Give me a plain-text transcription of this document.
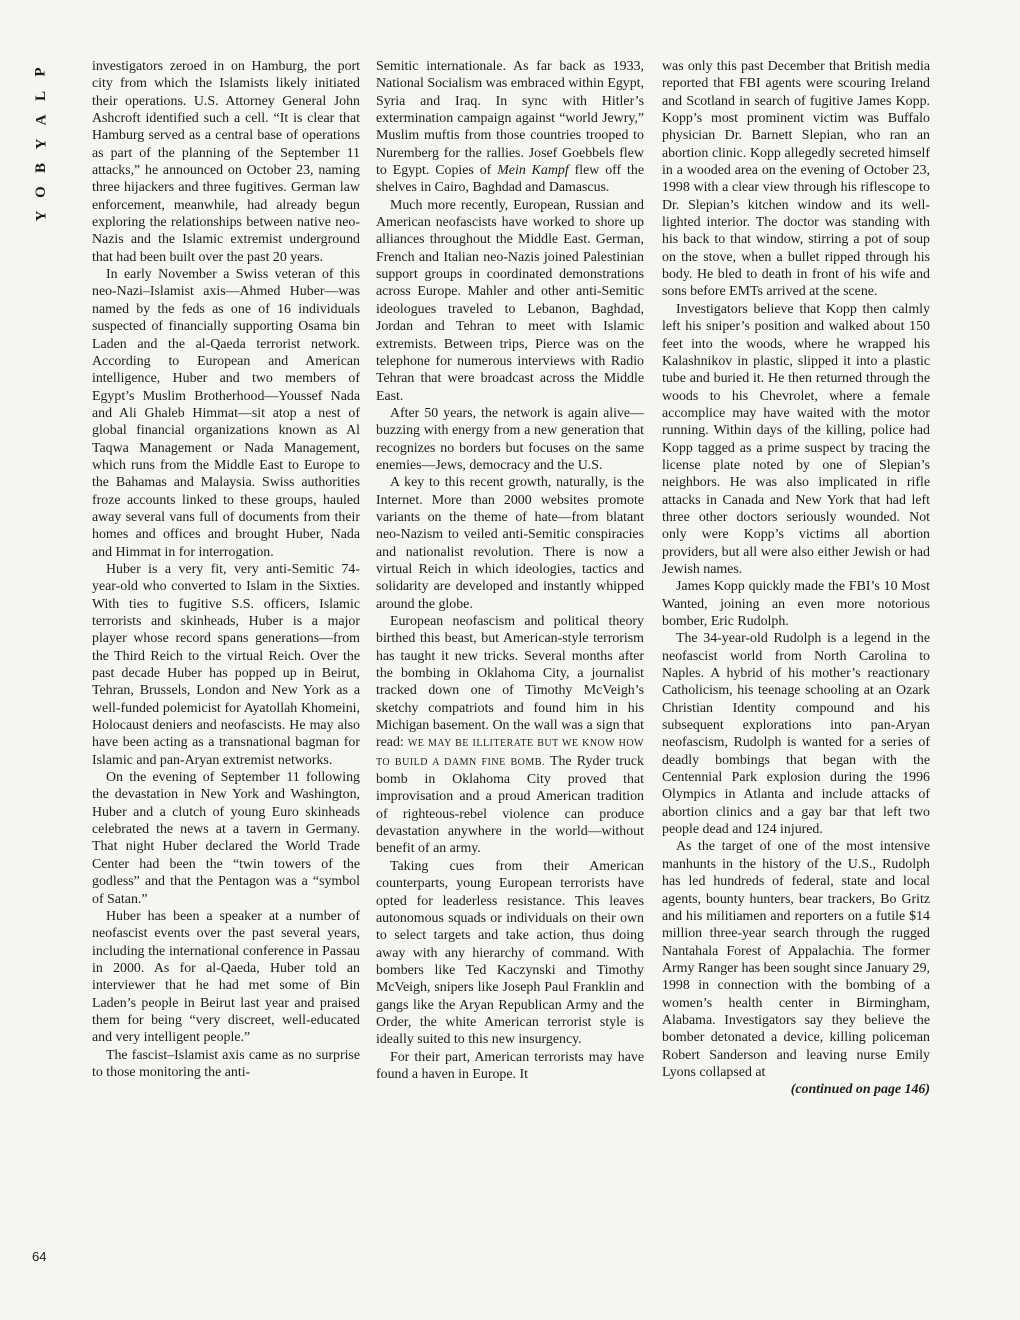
P
L
A
Y
B
O
Y

investigators zeroed in on Hamburg, the port city from which the Islamists likely initiated their operations. U.S. Attorney General John Ashcroft identified such a cell. “It is clear that Hamburg served as a central base of operations as part of the planning of the September 11 attacks,” he announced on October 23, naming three hijackers and three fugitives. German law enforcement, meanwhile, had already begun exploring the relationships between native neo-Nazis and the Islamic extremist underground that had been built over the past 20 years.

In early November a Swiss veteran of this neo-Nazi–Islamist axis—Ahmed Huber—was named by the feds as one of 16 individuals suspected of financially supporting Osama bin Laden and the al-Qaeda terrorist network. According to European and American intelligence, Huber and two members of Egypt’s Muslim Brotherhood—Youssef Nada and Ali Ghaleb Himmat—sit atop a nest of global financial organizations known as Al Taqwa Management or Nada Management, which runs from the Middle East to Europe to the Bahamas and Malaysia. Swiss authorities froze accounts linked to these groups, hauled away several vans full of documents from their homes and offices and brought Huber, Nada and Himmat in for interrogation.

Huber is a very fit, very anti-Semitic 74-year-old who converted to Islam in the Sixties. With ties to fugitive S.S. officers, Islamic terrorists and skinheads, Huber is a major player whose record spans generations—from the Third Reich to the virtual Reich. Over the past decade Huber has popped up in Beirut, Tehran, Brussels, London and New York as a well-funded polemicist for Ayatollah Khomeini, Holocaust deniers and neofascists. He may also have been acting as a transnational bagman for Islamic and pan-Aryan extremist networks.

On the evening of September 11 following the devastation in New York and Washington, Huber and a clutch of young Euro skinheads celebrated the news at a tavern in Germany. That night Huber declared the World Trade Center had been the “twin towers of the godless” and that the Pentagon was a “symbol of Satan.”

Huber has been a speaker at a number of neofascist events over the past several years, including the international conference in Passau in 2000. As for al-Qaeda, Huber told an interviewer that he had met some of Bin Laden’s people in Beirut last year and praised them for being “very discreet, well-educated and very intelligent people.”

The fascist–Islamist axis came as no surprise to those monitoring the anti-

Semitic internationale. As far back as 1933, National Socialism was embraced within Egypt, Syria and Iraq. In sync with Hitler’s extermination campaign against “world Jewry,” Muslim muftis from those countries trooped to Nuremberg for the rallies. Josef Goebbels flew to Egypt. Copies of Mein Kampf flew off the shelves in Cairo, Baghdad and Damascus.

Much more recently, European, Russian and American neofascists have worked to shore up alliances throughout the Middle East. German, French and Italian neo-Nazis joined Palestinian support groups in coordinated demonstrations across Europe. Mahler and other anti-Semitic ideologues traveled to Lebanon, Baghdad, Jordan and Tehran to meet with Islamic extremists. Between trips, Pierce was on the telephone for numerous interviews with Radio Tehran that were broadcast across the Middle East.

After 50 years, the network is again alive—buzzing with energy from a new generation that recognizes no borders but focuses on the same enemies—Jews, democracy and the U.S.

A key to this recent growth, naturally, is the Internet. More than 2000 websites promote variants on the theme of hate—from blatant neo-Nazism to veiled anti-Semitic conspiracies and nationalist revolution. There is now a virtual Reich in which ideologies, tactics and solidarity are developed and instantly whipped around the globe.

European neofascism and political theory birthed this beast, but American-style terrorism has taught it new tricks. Several months after the bombing in Oklahoma City, a journalist tracked down one of Timothy McVeigh’s sketchy compatriots and found him in his Michigan basement. On the wall was a sign that read: WE MAY BE ILLITERATE BUT WE KNOW HOW TO BUILD A DAMN FINE BOMB. The Ryder truck bomb in Oklahoma City proved that improvisation and a proud American tradition of righteous-rebel violence can produce devastation anywhere in the world—without benefit of an army.

Taking cues from their American counterparts, young European terrorists have opted for leaderless resistance. This leaves autonomous squads or individuals on their own to select targets and take action, thus doing away with any hierarchy of command. With bombers like Ted Kaczynski and Timothy McVeigh, snipers like Joseph Paul Franklin and gangs like the Aryan Republican Army and the Order, the white American terrorist style is ideally suited to this new insurgency.

For their part, American terrorists may have found a haven in Europe. It

was only this past December that British media reported that FBI agents were scouring Ireland and Scotland in search of fugitive James Kopp. Kopp’s most prominent victim was Buffalo physician Dr. Barnett Slepian, who ran an abortion clinic. Kopp allegedly secreted himself in a wooded area on the evening of October 23, 1998 with a clear view through his riflescope to Dr. Slepian’s kitchen window and its well-lighted interior. The doctor was standing with his back to that window, stirring a pot of soup on the stove, when a bullet ripped through his body. He bled to death in front of his wife and sons before EMTs arrived at the scene.

Investigators believe that Kopp then calmly left his sniper’s position and walked about 150 feet into the woods, where he wrapped his Kalashnikov in plastic, slipped it into a plastic tube and buried it. He then returned through the woods to his Chevrolet, where a female accomplice may have waited with the motor running. Within days of the killing, police had Kopp tagged as a prime suspect by tracing the license plate noted by one of Slepian’s neighbors. He was also implicated in rifle attacks in Canada and New York that had left three other doctors seriously wounded. Not only were Kopp’s victims all abortion providers, but all were also either Jewish or had Jewish names.

James Kopp quickly made the FBI’s 10 Most Wanted, joining an even more notorious bomber, Eric Rudolph.

The 34-year-old Rudolph is a legend in the neofascist world from North Carolina to Naples. A hybrid of his mother’s reactionary Catholicism, his teenage schooling at an Ozark Christian Identity compound and his subsequent explorations into pan-Aryan neofascism, Rudolph is wanted for a series of deadly bombings that began with the Centennial Park explosion during the 1996 Olympics in Atlanta and include attacks of abortion clinics and a gay bar that left two people dead and 124 injured.

As the target of one of the most intensive manhunts in the history of the U.S., Rudolph has led hundreds of federal, state and local agents, bounty hunters, bear trackers, Bo Gritz and his militiamen and reporters on a futile $14 million three-year search through the rugged Nantahala Forest of Appalachia. The former Army Ranger has been sought since January 29, 1998 in connection with the bombing of a women’s health center in Birmingham, Alabama. Investigators say they believe the bomber detonated a device, killing policeman Robert Sanderson and leaving nurse Emily Lyons collapsed at

(continued on page 146)

64
